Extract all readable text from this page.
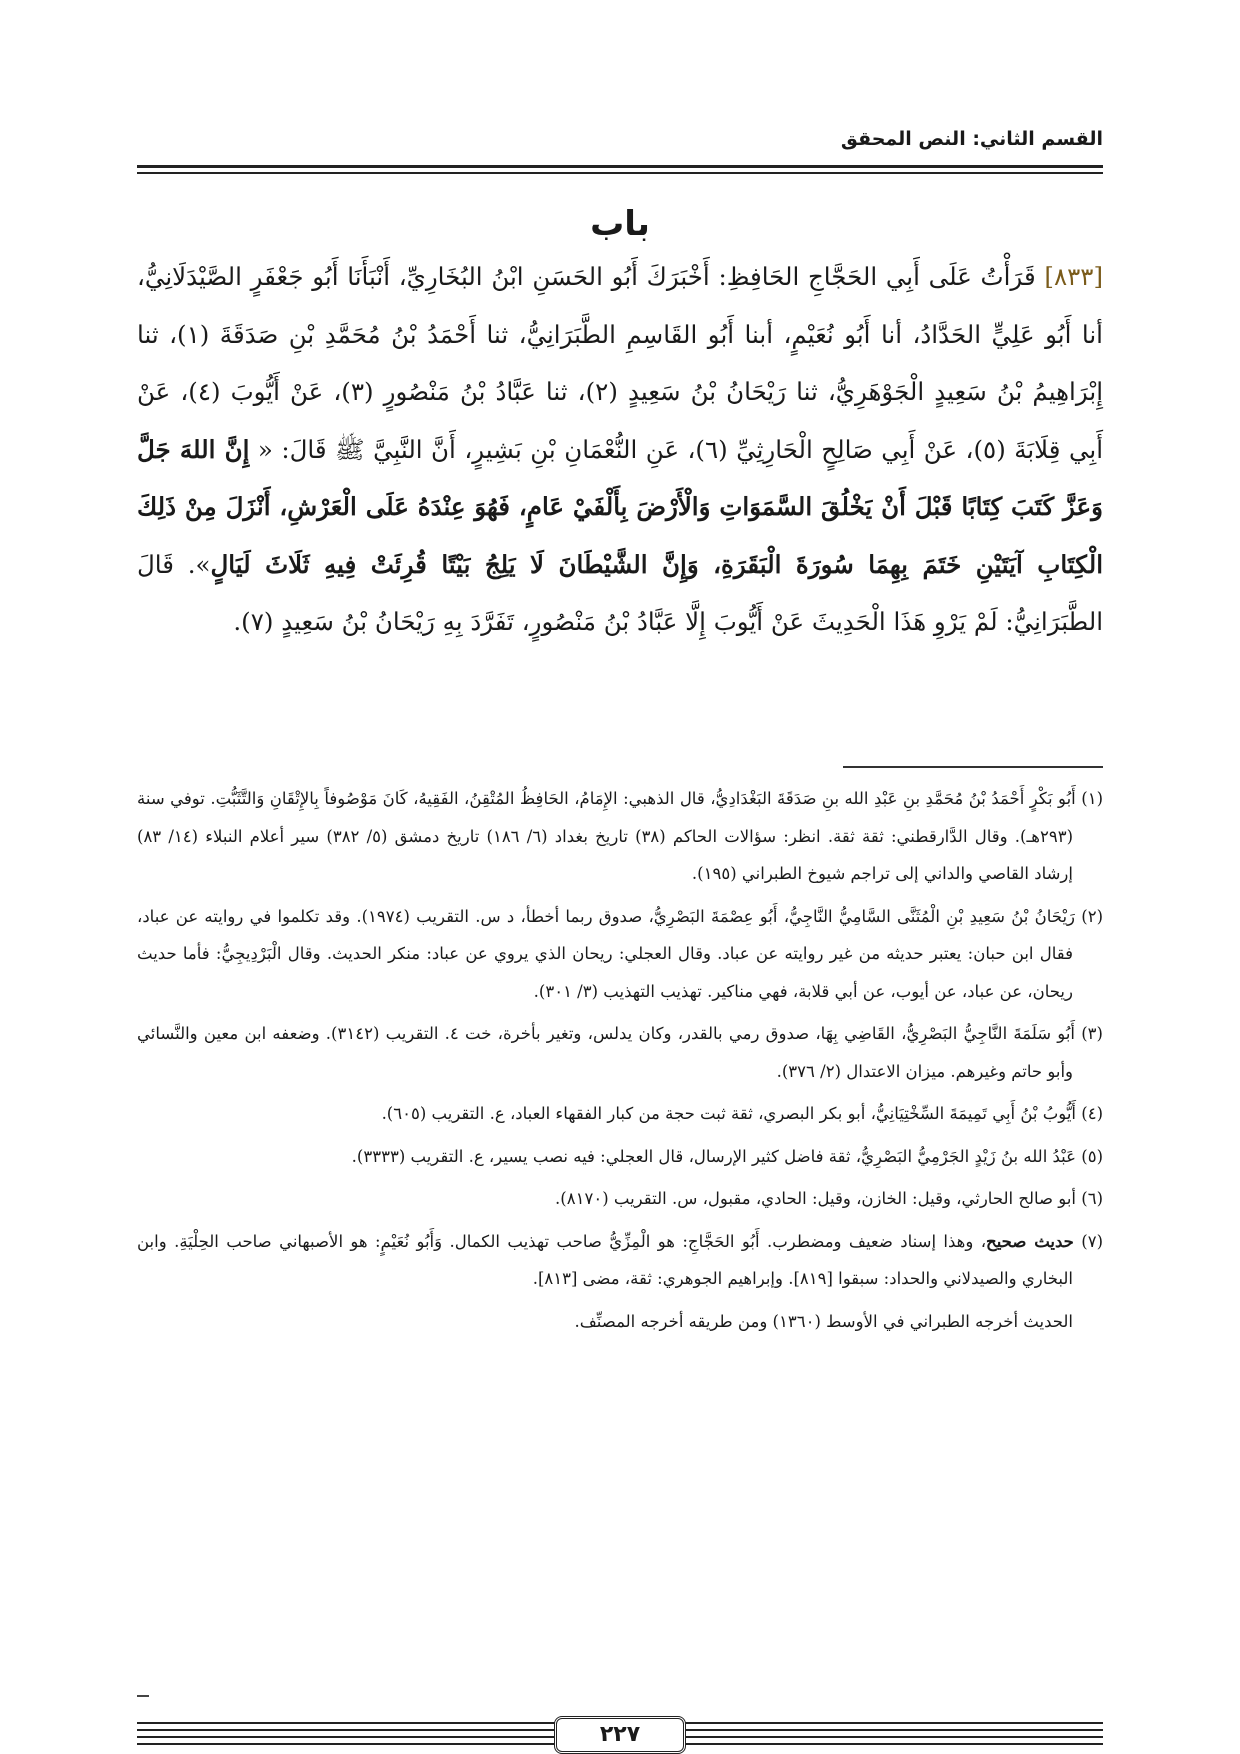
القسم الثاني: النص المحقق
باب
[٨٣٣] قَرَأْتُ عَلَى أَبِي الحَجَّاجِ الحَافِظِ: أَخْبَرَكَ أَبُو الحَسَنِ ابْنُ البُخَارِيِّ، أَنْبَأَنَا أَبُو جَعْفَرٍ الصَّيْدَلَانِيُّ، أنا أَبُو عَلِيٍّ الحَدَّادُ، أنا أَبُو نُعَيْمٍ، أبنا أَبُو القَاسِمِ الطَّبَرَانِيُّ، ثنا أَحْمَدُ بْنُ مُحَمَّدِ بْنِ صَدَقَةَ (١)، ثنا إِبْرَاهِيمُ بْنُ سَعِيدٍ الْجَوْهَرِيُّ، ثنا رَيْحَانُ بْنُ سَعِيدٍ (٢)، ثنا عَبَّادُ بْنُ مَنْصُورٍ (٣)، عَنْ أَيُّوبَ (٤)، عَنْ أَبِي قِلَابَةَ (٥)، عَنْ أَبِي صَالِحٍ الْحَارِثِيِّ (٦)، عَنِ النُّعْمَانِ بْنِ بَشِيرٍ، أَنَّ النَّبِيَّ ﷺ قَالَ: « إِنَّ اللهَ جَلَّ وَعَزَّ كَتَبَ كِتَابًا قَبْلَ أَنْ يَخْلُقَ السَّمَوَاتِ وَالْأَرْضَ بِأَلْفَيْ عَامٍ، فَهُوَ عِنْدَهُ عَلَى الْعَرْشِ، أَنْزَلَ مِنْ ذَلِكَ الْكِتَابِ آيَتَيْنِ خَتَمَ بِهِمَا سُورَةَ الْبَقَرَةِ، وَإِنَّ الشَّيْطَانَ لَا يَلِجُ بَيْتًا قُرِئَتْ فِيهِ ثَلَاثَ لَيَالٍ». قَالَ الطَّبَرَانِيُّ: لَمْ يَرْوِ هَذَا الْحَدِيثَ عَنْ أَيُّوبَ إِلَّا عَبَّادُ بْنُ مَنْصُورٍ، تَفَرَّدَ بِهِ رَيْحَانُ بْنُ سَعِيدٍ (٧).

(١) أَبُو بَكْرٍ أَحْمَدُ بْنُ مُحَمَّدِ بنِ عَبْدِ الله بنِ صَدَقَةَ البَغْدَادِيُّ، قال الذهبي: الإِمَامُ، الحَافِظُ المُتْقِنُ، الفَقِيهُ، كَانَ مَوْصُوفاً بِالإِتْقَانِ وَالتَّثَبُّتِ. توفي سنة (٢٩٣هـ). وقال الدَّارقطني: ثقة ثقة. انظر: سؤالات الحاكم (٣٨) تاريخ بغداد (٦/ ١٨٦) تاريخ دمشق (٥/ ٣٨٢) سير أعلام النبلاء (١٤/ ٨٣) إرشاد القاصي والداني إلى تراجم شيوخ الطبراني (١٩٥).

(٢) رَيْحَانُ بْنُ سَعِيدِ بْنِ الْمُثَنَّى السَّامِيُّ النَّاجِيُّ، أَبُو عِصْمَةَ البَصْرِيُّ، صدوق ربما أخطأ، د س. التقريب (١٩٧٤). وقد تكلموا في روايته عن عباد، فقال ابن حبان: يعتبر حديثه من غير روايته عن عباد. وقال العجلي: ريحان الذي يروي عن عباد: منكر الحديث. وقال الْبَرْدِيجِيُّ: فأما حديث ريحان، عن عباد، عن أيوب، عن أبي قلابة، فهي مناكير. تهذيب التهذيب (٣/ ٣٠١).

(٣) أَبُو سَلَمَةَ النَّاجِيُّ البَصْرِيُّ، القَاضِي بِهَا، صدوق رمي بالقدر، وكان يدلس، وتغير بأخرة، خت ٤. التقريب (٣١٤٢). وضعفه ابن معين والنَّسائي وأبو حاتم وغيرهم. ميزان الاعتدال (٢/ ٣٧٦).

(٤) أَيُّوبُ بْنُ أَبِي تَمِيمَةَ السِّخْتِيَانِيُّ، أبو بكر البصري، ثقة ثبت حجة من كبار الفقهاء العباد، ع. التقريب (٦٠٥).

(٥) عَبْدُ الله بنُ زَيْدٍ الجَرْمِيُّ البَصْرِيُّ، ثقة فاضل كثير الإرسال، قال العجلي: فيه نصب يسير، ع. التقريب (٣٣٣٣).

(٦) أبو صالح الحارثي، وقيل: الخازن، وقيل: الحادي، مقبول، س. التقريب (٨١٧٠).

(٧) حديث صحيح، وهذا إسناد ضعيف ومضطرب. أَبُو الحَجَّاجِ: هو الْمِزِّيُّ صاحب تهذيب الكمال. وَأَبُو نُعَيْمٍ: هو الأصبهاني صاحب الحِلْيَةِ. وابن البخاري والصيدلاني والحداد: سبقوا [٨١٩]. وإبراهيم الجوهري: ثقة، مضى [٨١٣].

الحديث أخرجه الطبراني في الأوسط (١٣٦٠) ومن طريقه أخرجه المصنِّف.

٢٢٧
